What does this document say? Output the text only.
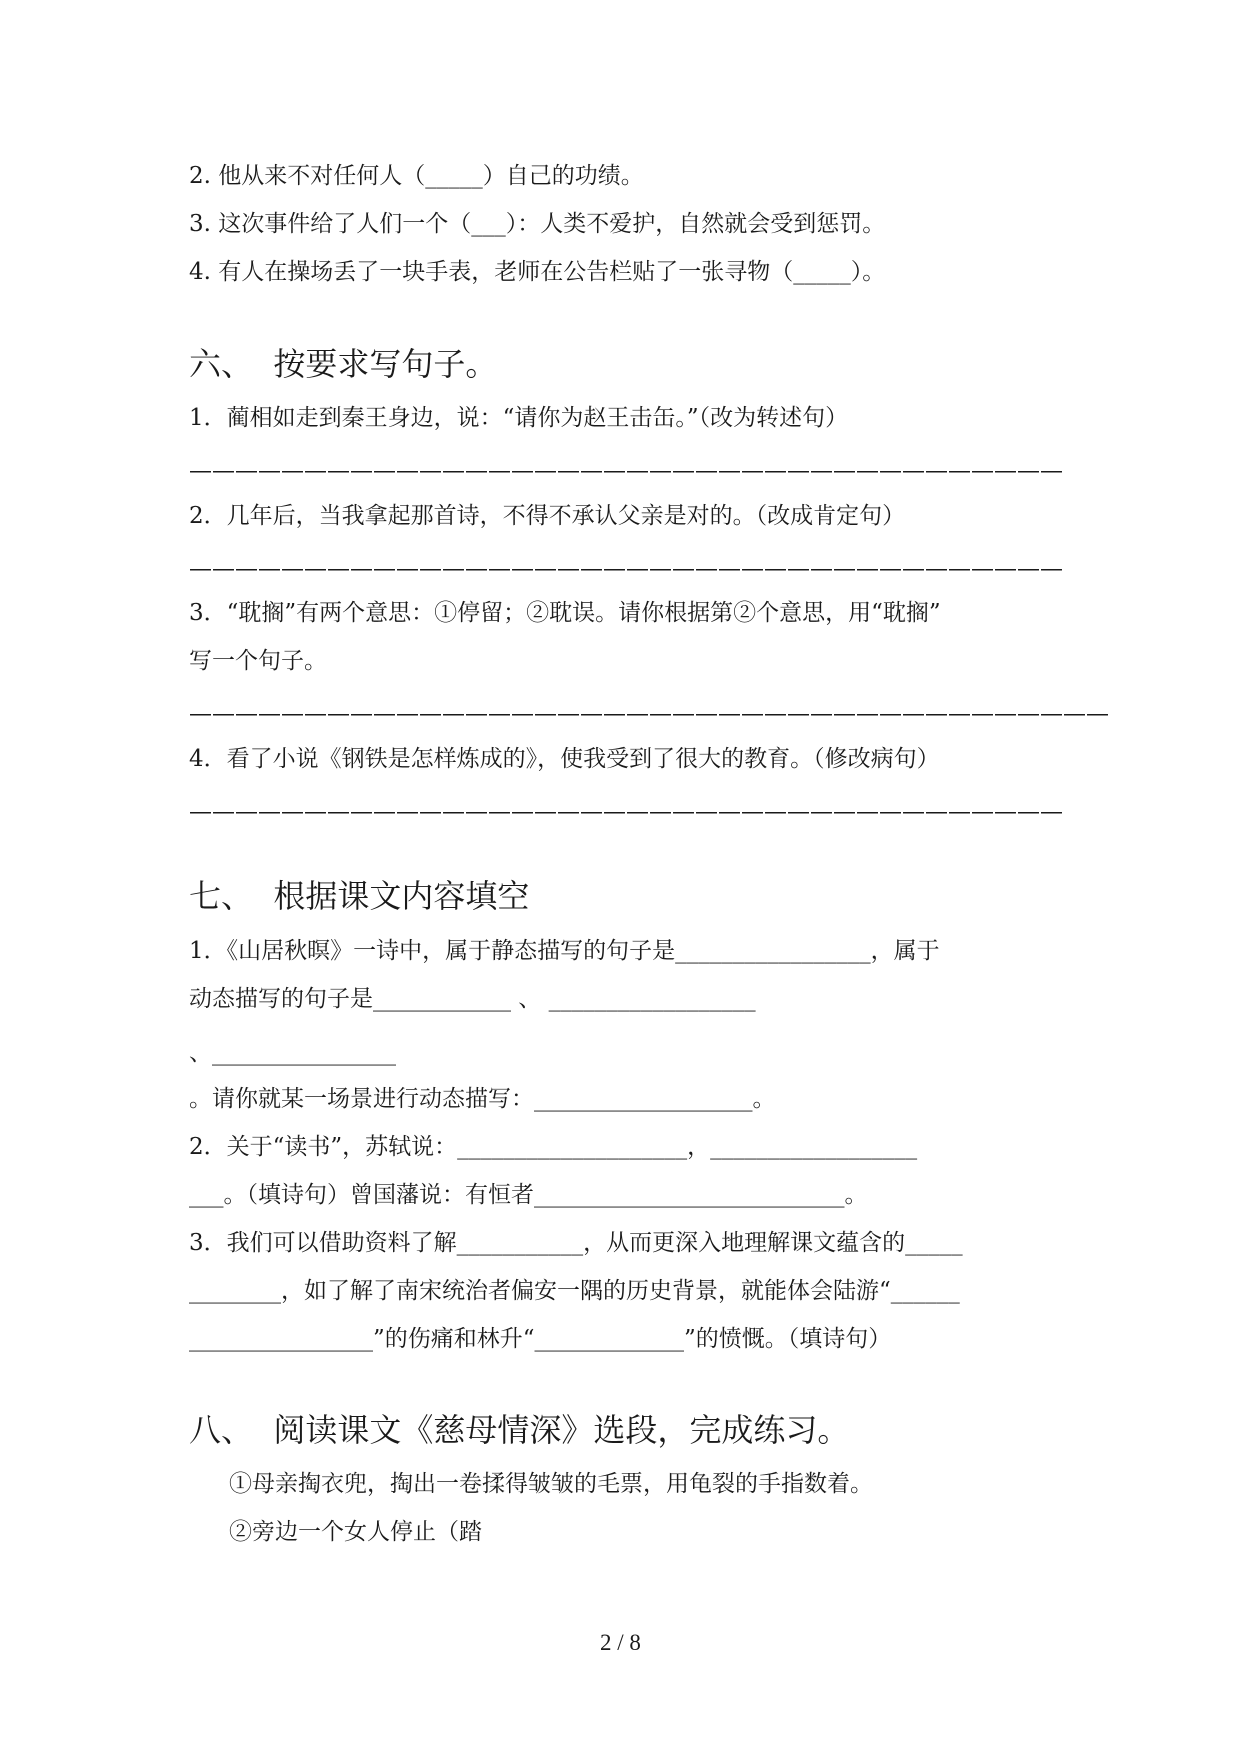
2. 他从来不对任何人（_____）自己的功绩。
3. 这次事件给了人们一个（___）：人类不爱护，自然就会受到惩罚。
4. 有人在操场丢了一块手表，老师在公告栏贴了一张寻物（_____）。
六、  按要求写句子。
1．蔺相如走到秦王身边，说：“请你为赵王击缶。”（改为转述句）
——————————————————————————————————————
2．几年后，当我拿起那首诗，不得不承认父亲是对的。（改成肯定句）
——————————————————————————————————————
3．“耽搁”有两个意思：①停留；②耽误。请你根据第②个意思，用“耽搁”
写一个句子。
————————————————————————————————————————
4．看了小说《钢铁是怎样炼成的》，使我受到了很大的教育。（修改病句）
——————————————————————————————————————
七、  根据课文内容填空
1．《山居秋暝》一诗中，属于静态描写的句子是_________________，属于
动态描写的句子是____________ 、 __________________
、________________
。请你就某一场景进行动态描写：___________________。
2．关于“读书”，苏轼说：____________________，__________________
___。（填诗句）曾国藩说：有恒者___________________________。
3．我们可以借助资料了解___________，从而更深入地理解课文蕴含的_____
________，如了解了南宋统治者偏安一隅的历史背景，就能体会陆游“______
________________”的伤痛和林升“_____________”的愤慨。（填诗句）
八、  阅读课文《慈母情深》选段，完成练习。
①母亲掏衣兜，掏出一卷揉得皱皱的毛票，用龟裂的手指数着。
②旁边一个女人停止（踏
2 / 8
